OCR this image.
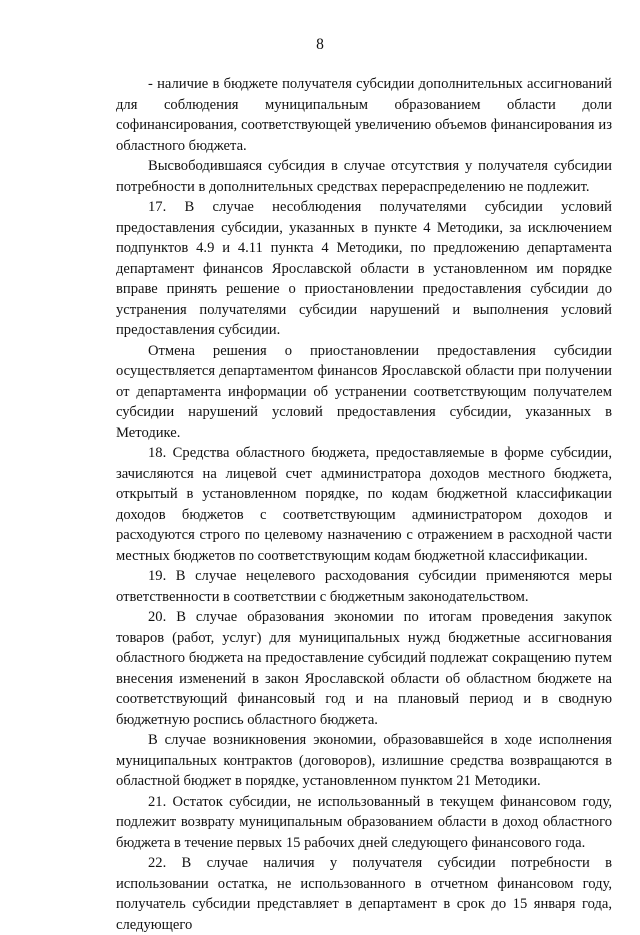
8

- наличие в бюджете получателя субсидии дополнительных ассигнований для соблюдения муниципальным образованием области доли софинансирования, соответствующей увеличению объемов финансирования из областного бюджета.

Высвободившаяся субсидия в случае отсутствия у получателя субсидии потребности в дополнительных средствах перераспределению не подлежит.

17. В случае несоблюдения получателями субсидии условий предоставления субсидии, указанных в пункте 4 Методики, за исключением подпунктов 4.9 и 4.11 пункта 4 Методики, по предложению департамента департамент финансов Ярославской области в установленном им порядке вправе принять решение о приостановлении предоставления субсидии до устранения получателями субсидии нарушений и выполнения условий предоставления субсидии.

Отмена решения о приостановлении предоставления субсидии осуществляется департаментом финансов Ярославской области при получении от департамента информации об устранении соответствующим получателем субсидии нарушений условий предоставления субсидии, указанных в Методике.

18. Средства областного бюджета, предоставляемые в форме субсидии, зачисляются на лицевой счет администратора доходов местного бюджета, открытый в установленном порядке, по кодам бюджетной классификации доходов бюджетов с соответствующим администратором доходов и расходуются строго по целевому назначению с отражением в расходной части местных бюджетов по соответствующим кодам бюджетной классификации.

19. В случае нецелевого расходования субсидии применяются меры ответственности в соответствии с бюджетным законодательством.

20. В случае образования экономии по итогам проведения закупок товаров (работ, услуг) для муниципальных нужд бюджетные ассигнования областного бюджета на предоставление субсидий подлежат сокращению путем внесения изменений в закон Ярославской области об областном бюджете на соответствующий финансовый год и на плановый период и в сводную бюджетную роспись областного бюджета.

В случае возникновения экономии, образовавшейся в ходе исполнения муниципальных контрактов (договоров), излишние средства возвращаются в областной бюджет в порядке, установленном пунктом 21 Методики.

21. Остаток субсидии, не использованный в текущем финансовом году, подлежит возврату муниципальным образованием области в доход областного бюджета в течение первых 15 рабочих дней следующего финансового года.

22. В случае наличия у получателя субсидии потребности в использовании остатка, не использованного в отчетном финансовом году, получатель субсидии представляет в департамент в срок до 15 января года, следующего
